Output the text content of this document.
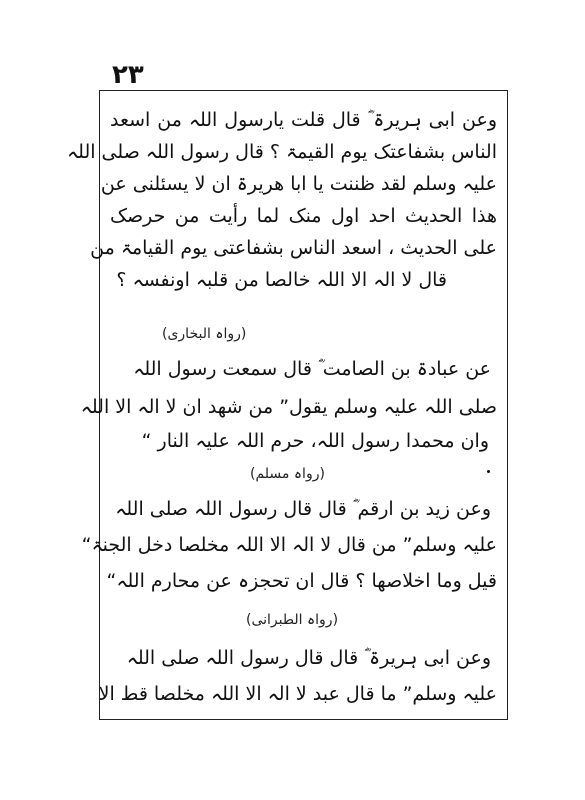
۲۳
وعن ابی ہریرۃ ؓ قال قلت یارسول اللہ من اسعد
الناس بشفاعتک یوم القیمۃ ؟ قال رسول اللہ صلی اللہ
علیہ وسلم لقد ظننت یا ابا ھریرۃ ان لا یسئلنی عن
ھذا الحدیث احد اول منک لما رأیت من حرصک
علی الحدیث ، اسعد الناس بشفاعتی یوم القیامۃ من
قال لا الہ الا اللہ خالصا من قلبہ اونفسہ ؟
(رواہ البخاری)
عن عبادۃ بن الصامت ؓ قال سمعت رسول اللہ
صلی اللہ علیہ وسلم یقول” من شھد ان لا الہ الا اللہ
وان محمدا رسول اللہ، حرم اللہ علیہ النار “
(رواہ مسلم)
وعن زید بن ارقم ؓ قال قال رسول اللہ صلی اللہ
علیہ وسلم” من قال لا الہ الا اللہ مخلصا دخل الجنۃ“
قیل وما اخلاصھا ؟ قال ان تحجزہ عن محارم اللہ“
(رواہ الطبرانی)
وعن ابی ہریرۃ ؓ قال قال رسول اللہ صلی اللہ
علیہ وسلم” ما قال عبد لا الہ الا اللہ مخلصا قط الا
